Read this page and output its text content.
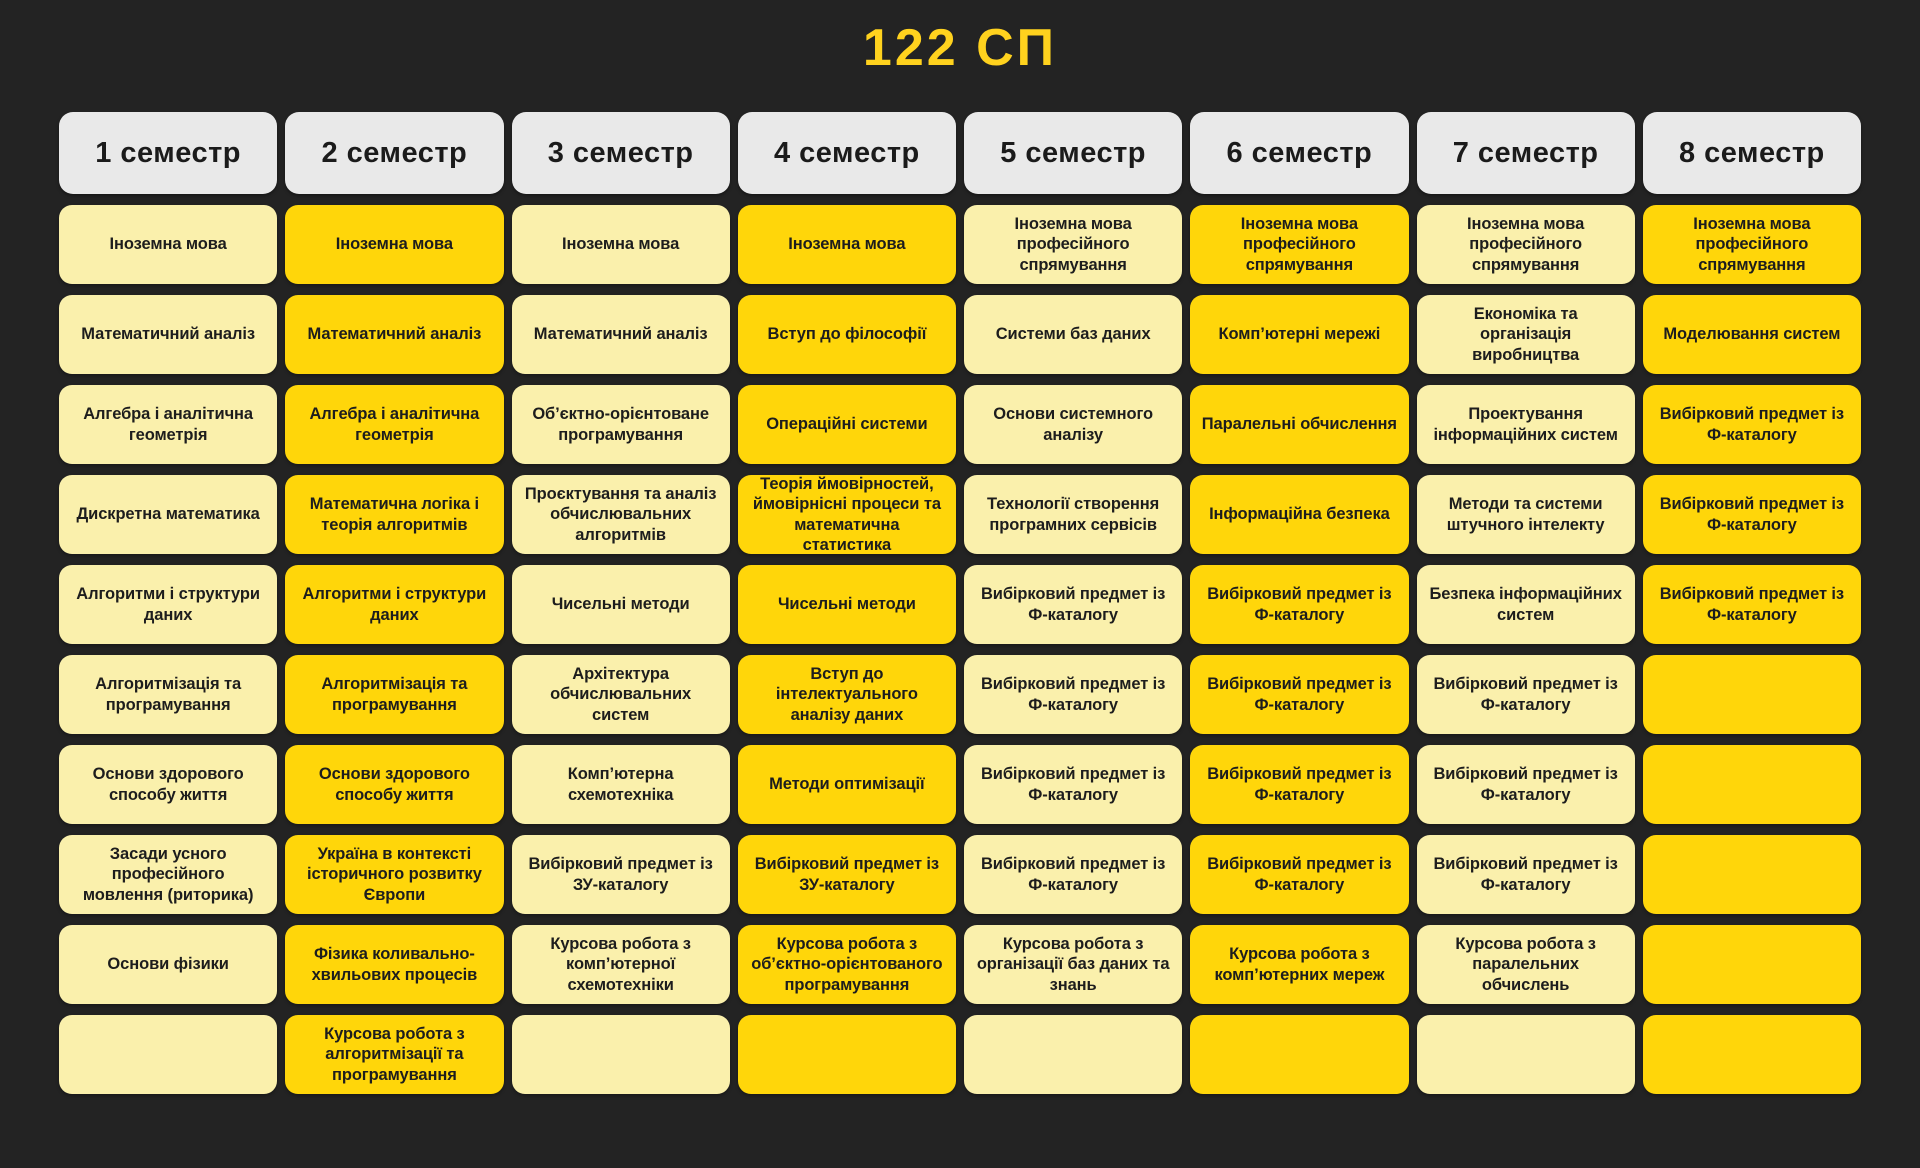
122 СП
1 семестр
Іноземна мова
Математичний аналіз
Алгебра і аналітична геометрія
Дискретна математика
Алгоритми і структури даних
Алгоритмізація та програмування
Основи здорового способу життя
Засади усного професійного мовлення (риторика)
Основи фізики
2 семестр
Іноземна мова
Математичний аналіз
Алгебра і аналітична геометрія
Математична логіка і теорія алгоритмів
Алгоритми і структури даних
Алгоритмізація та програмування
Основи здорового способу життя
Україна в контексті історичного розвитку Європи
Фізика коливально-хвильових процесів
Курсова робота з алгоритмізації та програмування
3 семестр
Іноземна мова
Математичний аналіз
Об’єктно-орієнтоване програмування
Проєктування та аналіз обчислювальних алгоритмів
Чисельні методи
Архітектура обчислювальних систем
Комп’ютерна схемотехніка
Вибірковий предмет із ЗУ-каталогу
Курсова робота з комп’ютерної схемотехніки
4 семестр
Іноземна мова
Вступ до філософії
Операційні системи
Теорія ймовірностей, ймовірнісні процеси та математична статистика
Чисельні методи
Вступ до інтелектуального аналізу даних
Методи оптимізації
Вибірковий предмет із ЗУ-каталогу
Курсова робота з об’єктно-орієнтованого програмування
5 семестр
Іноземна мова професійного спрямування
Системи баз даних
Основи системного аналізу
Технології створення програмних сервісів
Вибірковий предмет із Ф-каталогу
Вибірковий предмет із Ф-каталогу
Вибірковий предмет із Ф-каталогу
Вибірковий предмет із Ф-каталогу
Курсова робота з організації баз даних та знань
6 семестр
Іноземна мова професійного спрямування
Комп’ютерні мережі
Паралельні обчислення
Інформаційна безпека
Вибірковий предмет із Ф-каталогу
Вибірковий предмет із Ф-каталогу
Вибірковий предмет із Ф-каталогу
Вибірковий предмет із Ф-каталогу
Курсова робота з комп’ютерних мереж
7 семестр
Іноземна мова професійного спрямування
Економіка та організація виробництва
Проектування інформаційних систем
Методи та системи штучного інтелекту
Безпека інформаційних систем
Вибірковий предмет із Ф-каталогу
Вибірковий предмет із Ф-каталогу
Вибірковий предмет із Ф-каталогу
Курсова робота з паралельних обчислень
8 семестр
Іноземна мова професійного спрямування
Моделювання систем
Вибірковий предмет із Ф-каталогу
Вибірковий предмет із Ф-каталогу
Вибірковий предмет із Ф-каталогу
